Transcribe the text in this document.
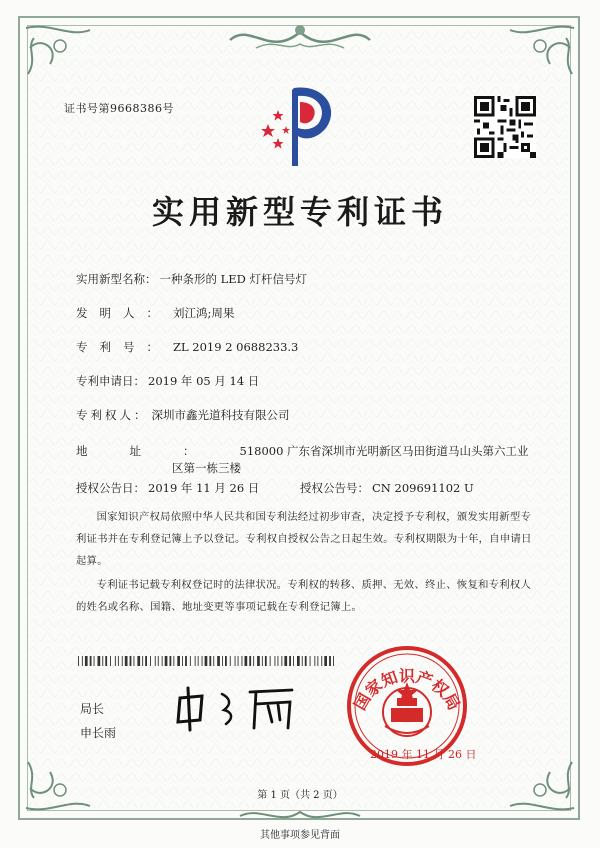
证书号第9668386号
实用新型专利证书
实用新型名称： 一种条形的 LED 灯杆信号灯
发明人： 刘江鸿;周果
专利号： ZL 2019 2 0688233.3
专利申请日： 2019 年 05 月 14 日
专利权人： 深圳市鑫光道科技有限公司
地址： 518000 广东省深圳市光明新区马田街道马山头第六工业
区第一栋三楼
授权公告日： 2019 年 11 月 26 日	授权公告号： CN 209691102 U
国家知识产权局依照中华人民共和国专利法经过初步审查，决定授予专利权，颁发实用新型专利证书并在专利登记簿上予以登记。专利权自授权公告之日起生效。专利权期限为十年，自申请日起算。
专利证书记载专利权登记时的法律状况。专利权的转移、质押、无效、终止、恢复和专利权人的姓名或名称、国籍、地址变更等事项记载在专利登记簿上。
局长
申长雨
国家知识产权局
2019 年 11 月 26 日
第 1 页（共 2 页）
其他事项参见背面
